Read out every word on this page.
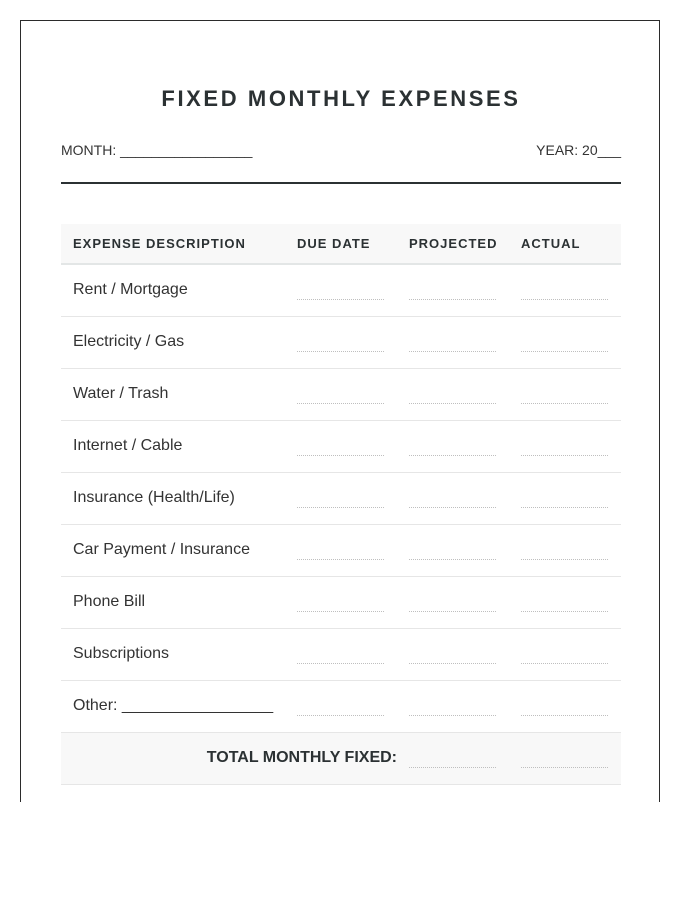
FIXED MONTHLY EXPENSES
MONTH: _________________	YEAR: 20___
EXPENSE DESCRIPTION	DUE DATE	PROJECTED	ACTUAL
Rent / Mortgage	

Electricity / Gas	

Water / Trash	

Internet / Cable	

Insurance (Health/Life)	

Car Payment / Insurance	

Phone Bill	

Subscriptions	

Other: _________________	

TOTAL MONTHLY FIXED:		
